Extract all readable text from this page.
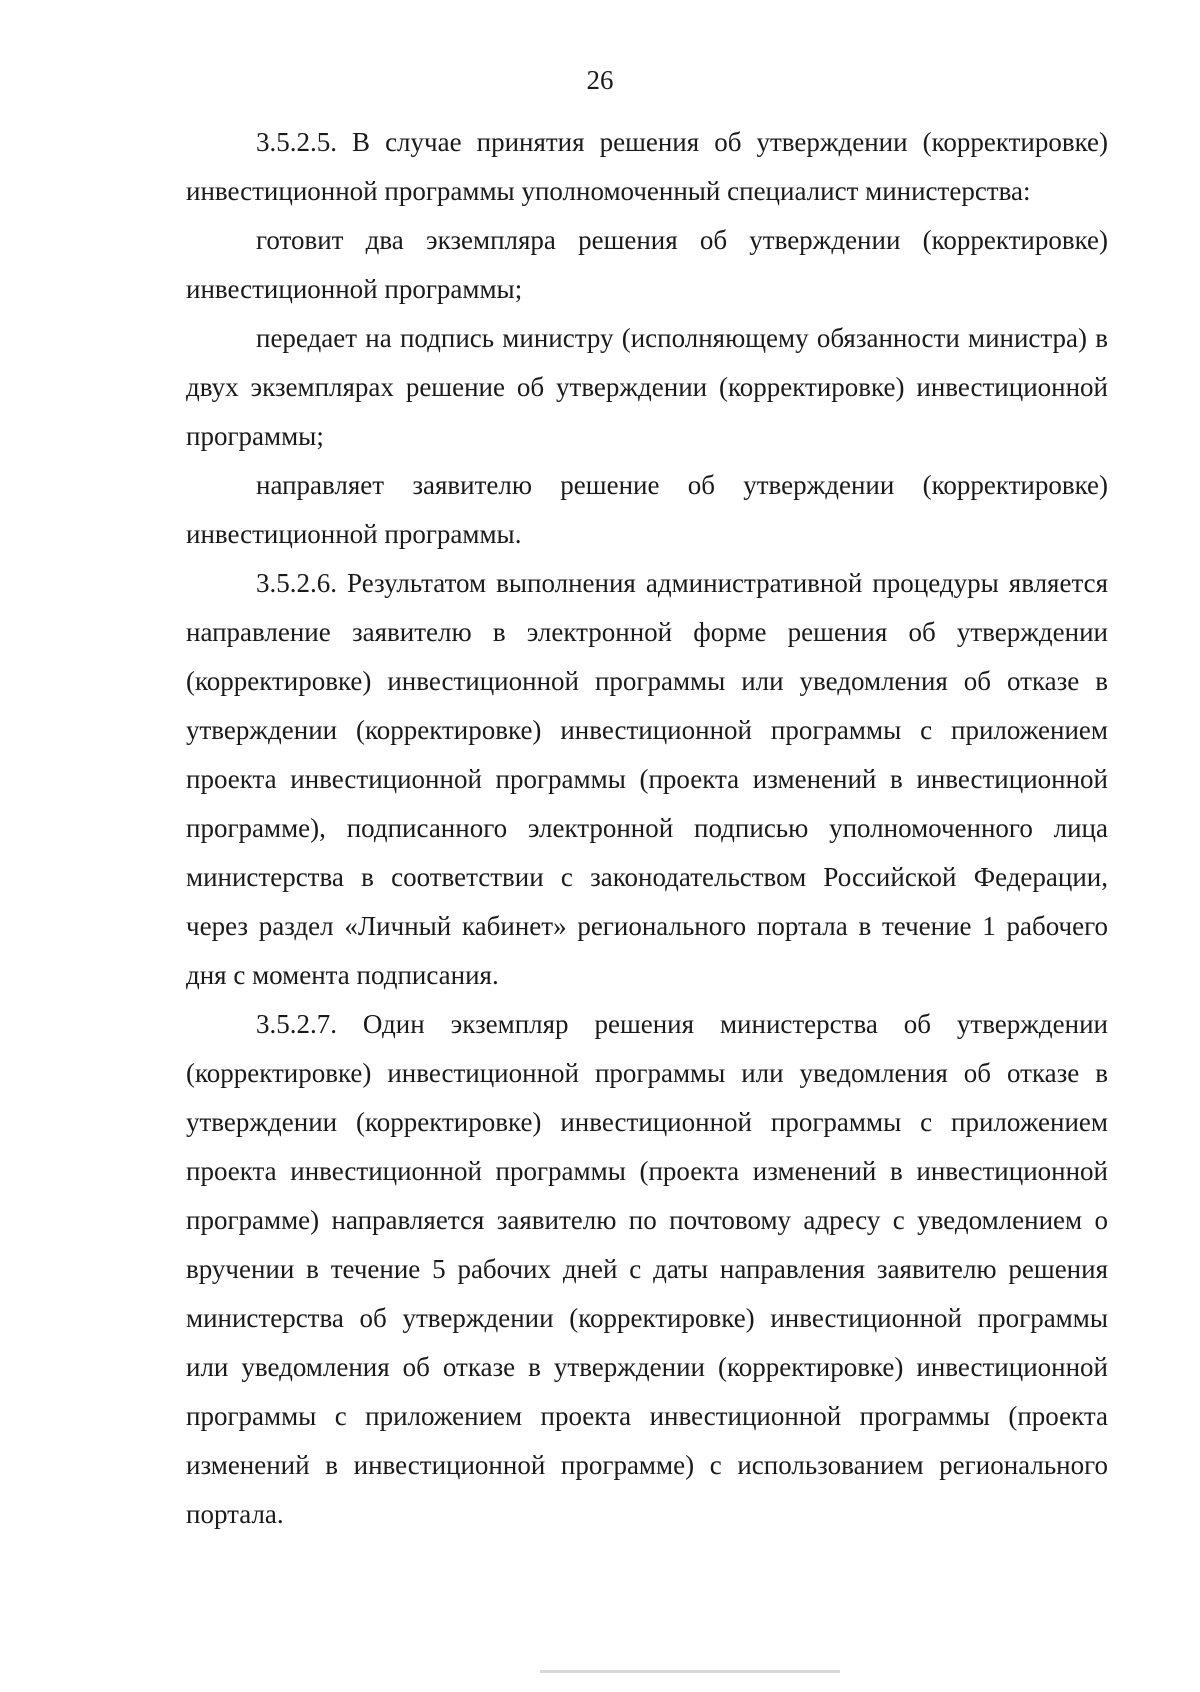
26

3.5.2.5. В случае принятия решения об утверждении (корректировке) инвестиционной программы уполномоченный специалист министерства:

готовит два экземпляра решения об утверждении (корректировке) инвестиционной программы;

передает на подпись министру (исполняющему обязанности министра) в двух экземплярах решение об утверждении (корректировке) инвестиционной программы;

направляет заявителю решение об утверждении (корректировке) инвестиционной программы.

3.5.2.6. Результатом выполнения административной процедуры является направление заявителю в электронной форме решения об утверждении (корректировке) инвестиционной программы или уведомления об отказе в утверждении (корректировке) инвестиционной программы с приложением проекта инвестиционной программы (проекта изменений в инвестиционной программе), подписанного электронной подписью уполномоченного лица министерства в соответствии с законодательством Российской Федерации, через раздел «Личный кабинет» регионального портала в течение 1 рабочего дня с момента подписания.

3.5.2.7. Один экземпляр решения министерства об утверждении (корректировке) инвестиционной программы или уведомления об отказе в утверждении (корректировке) инвестиционной программы с приложением проекта инвестиционной программы (проекта изменений в инвестиционной программе) направляется заявителю по почтовому адресу с уведомлением о вручении в течение 5 рабочих дней с даты направления заявителю решения министерства об утверждении (корректировке) инвестиционной программы или уведомления об отказе в утверждении (корректировке) инвестиционной программы с приложением проекта инвестиционной программы (проекта изменений в инвестиционной программе) с использованием регионального портала.
